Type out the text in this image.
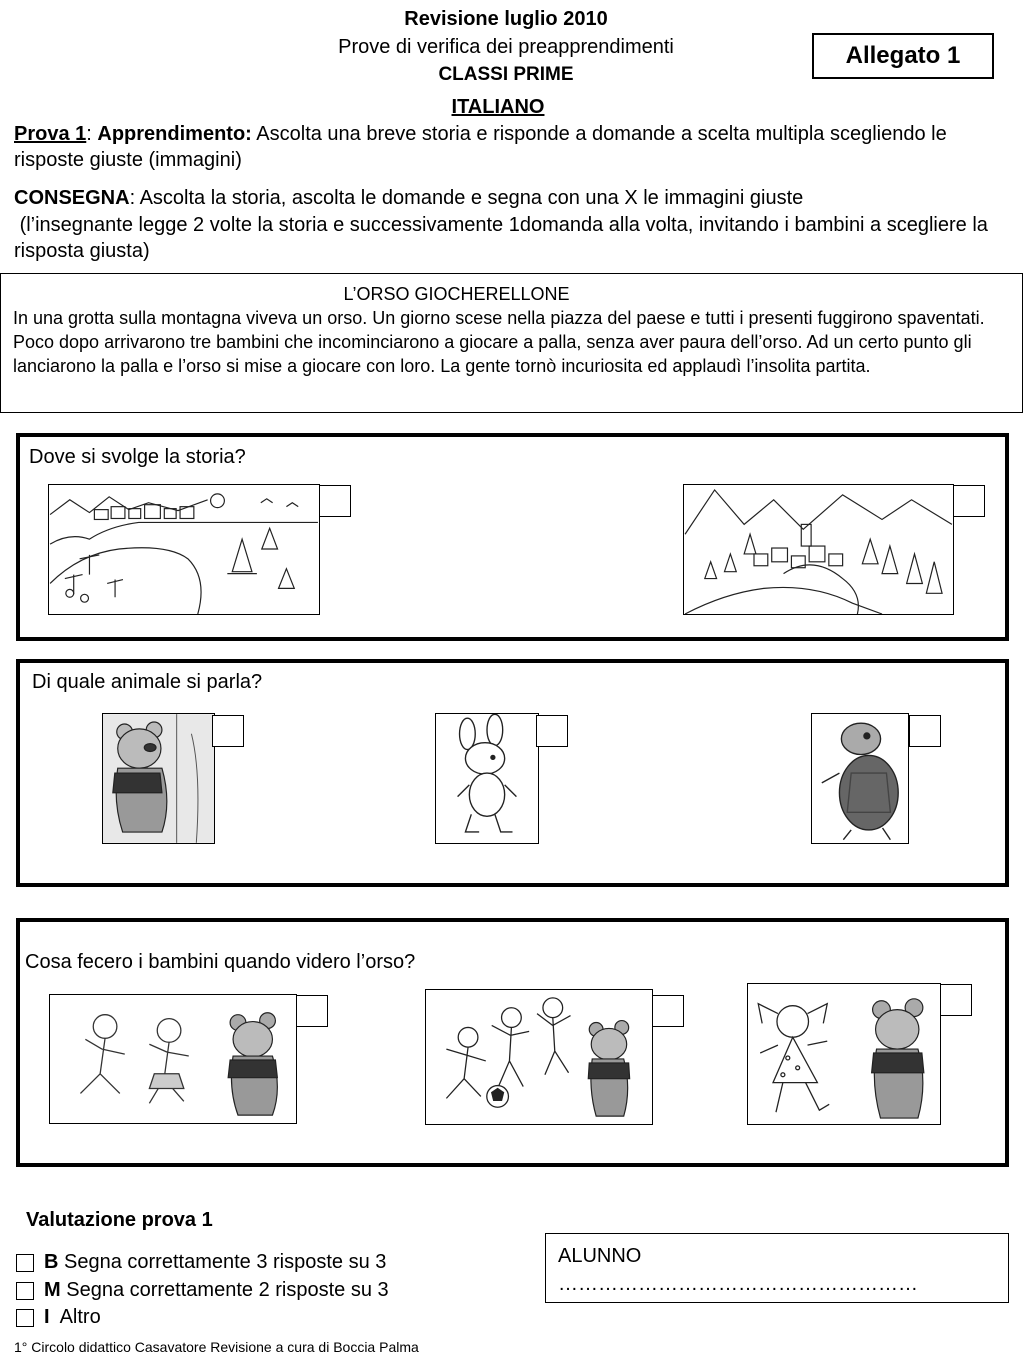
Revisione luglio 2010
Prove di verifica dei preapprendimenti
CLASSI PRIME
ITALIANO
Allegato 1
Prova 1: Apprendimento: Ascolta una breve storia e risponde a domande a scelta multipla scegliendo le risposte giuste (immagini)
CONSEGNA: Ascolta la storia, ascolta le domande e segna con una X le immagini giuste
(l’insegnante legge 2 volte la storia e successivamente 1domanda alla volta, invitando i bambini a scegliere la risposta giusta)
L’ORSO GIOCHERELLONE
In una grotta sulla montagna viveva un orso. Un giorno scese nella piazza del paese e tutti i presenti fuggirono spaventati. Poco dopo arrivarono tre bambini che incominciarono a giocare a palla, senza aver paura dell’orso. Ad un certo punto gli lanciarono la palla e l’orso si mise a giocare con loro. La gente tornò incuriosita ed applaudì l’insolita partita.
Dove si svolge la storia?
Di quale animale si parla?
Cosa fecero i bambini quando videro l’orso?
Valutazione prova 1
B Segna correttamente 3 risposte su 3
M Segna correttamente 2 risposte su 3
I Altro
ALUNNO
………………………………………………
1° Circolo didattico Casavatore Revisione a cura di Boccia Palma
